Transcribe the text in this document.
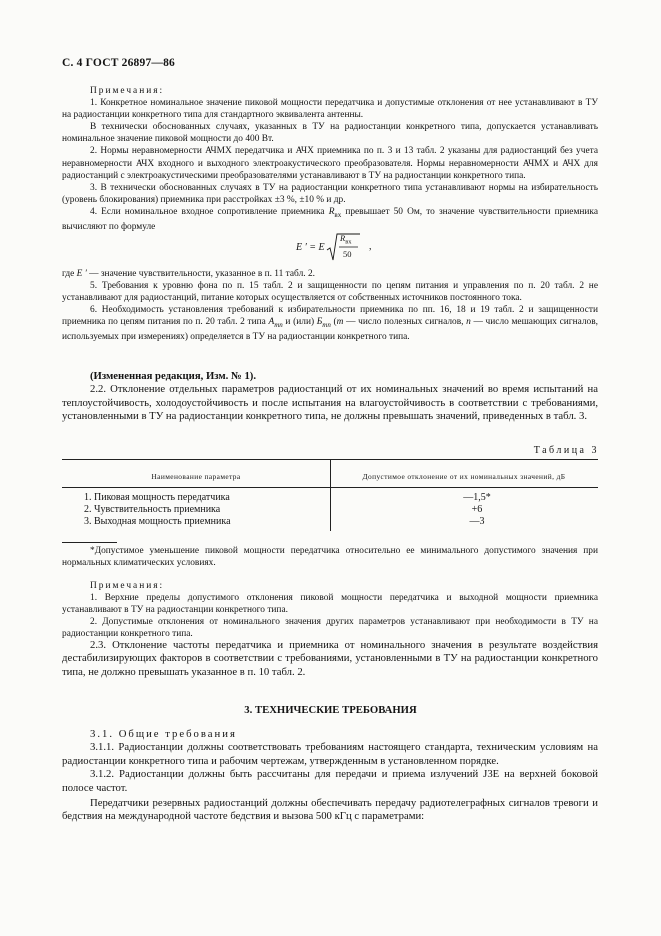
С. 4 ГОСТ 26897—86

Примечания:

1. Конкретное номинальное значение пиковой мощности передатчика и допустимые отклонения от нее устанавливают в ТУ на радиостанции конкретного типа для стандартного эквивалента антенны.

В технически обоснованных случаях, указанных в ТУ на радиостанции конкретного типа, допускается устанавливать номинальное значение пиковой мощности до 400 Вт.

2. Нормы неравномерности АЧМХ передатчика и АЧХ приемника по п. 3 и 13 табл. 2 указаны для радиостанций без учета неравномерности АЧХ входного и выходного электроакустического преобразователя. Нормы неравномерности АЧМХ и АЧХ для радиостанций с электроакустическими преобразователями устанавливают в ТУ на радиостанции конкретного типа.

3. В технически обоснованных случаях в ТУ на радиостанции конкретного типа устанавливают нормы на избирательность (уровень блокирования) приемника при расстройках ±3 %, ±10 % и др.

4. Если номинальное входное сопротивление приемника $R_{вх}$ превышает 50 Ом, то значение чувствительности приемника вычисляют по формуле

E ′ = E
$R_{вх}$
50
,

где E ′ — значение чувствительности, указанное в п. 11 табл. 2.

5. Требования к уровню фона по п. 15 табл. 2 и защищенности по цепям питания и управления по п. 20 табл. 2 не устанавливают для радиостанций, питание которых осуществляется от собственных источников постоянного тока.

6. Необходимость установления требований к избирательности приемника по пп. 16, 18 и 19 табл. 2 и защищенности приемника по цепям питания по п. 20 табл. 2 типа $A_{mn}$ и (или) $Б_{mn}$ (m — число полезных сигналов, n — число мешающих сигналов, используемых при измерениях) определяется в ТУ на радиостанции конкретного типа.

(Измененная редакция, Изм. № 1).

2.2. Отклонение отдельных параметров радиостанций от их номинальных значений во время испытаний на теплоустойчивость, холодоустойчивость и после испытания на влагоустойчивость в соответствии с требованиями, установленными в ТУ на радиостанции конкретного типа, не должны превышать значений, приведенных в табл. 3.

Таблица 3
Наименование параметра	Допустимое отклонение от их номинальных значений, дБ
1. Пиковая мощность передатчика	—1,5*
2. Чувствительность приемника	+6
3. Выходная мощность приемника	—3

*Допустимое уменьшение пиковой мощности передатчика относительно ее минимального допустимого значения при нормальных климатических условиях.

Примечания:

1. Верхние пределы допустимого отклонения пиковой мощности передатчика и выходной мощности приемника устанавливают в ТУ на радиостанции конкретного типа.

2. Допустимые отклонения от номинального значения других параметров устанавливают при необходимости в ТУ на радиостанции конкретного типа.

2.3. Отклонение частоты передатчика и приемника от номинального значения в результате воздействия дестабилизирующих факторов в соответствии с требованиями, установленными в ТУ на радиостанции конкретного типа, не должно превышать указанное в п. 10 табл. 2.

3. ТЕХНИЧЕСКИЕ ТРЕБОВАНИЯ

3.1. Общие требования

3.1.1. Радиостанции должны соответствовать требованиям настоящего стандарта, техническим условиям на радиостанции конкретного типа и рабочим чертежам, утвержденным в установленном порядке.

3.1.2. Радиостанции должны быть рассчитаны для передачи и приема излучений J3E на верхней боковой полосе частот.

Передатчики резервных радиостанций должны обеспечивать передачу радиотелеграфных сигналов тревоги и бедствия на международной частоте бедствия и вызова 500 кГц с параметрами:
